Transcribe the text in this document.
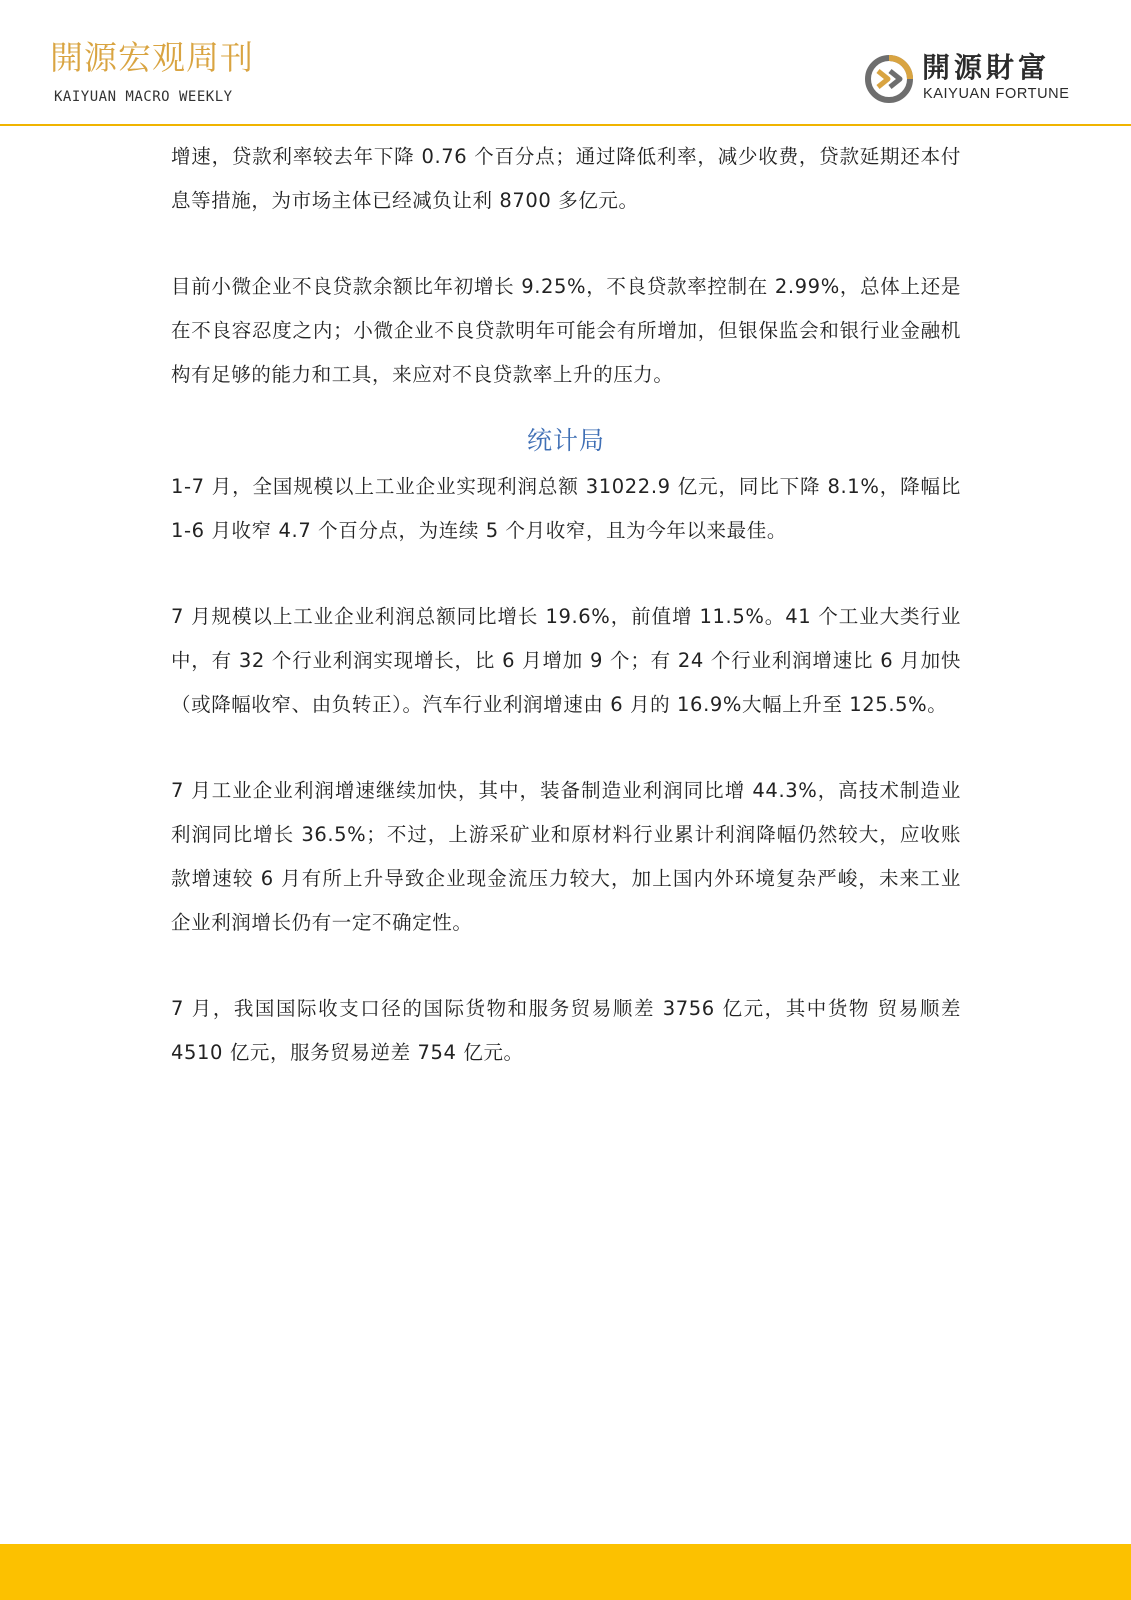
開源宏观周刊
KAIYUAN MACRO WEEKLY
開源財富
KAIYUAN FORTUNE

增速，贷款利率较去年下降 0.76 个百分点；通过降低利率，减少收费，贷款延期还本付息等措施，为市场主体已经减负让利 8700 多亿元。

目前小微企业不良贷款余额比年初增长 9.25%，不良贷款率控制在 2.99%，总体上还是在不良容忍度之内；小微企业不良贷款明年可能会有所增加，但银保监会和银行业金融机构有足够的能力和工具，来应对不良贷款率上升的压力。

统计局

1-7 月，全国规模以上工业企业实现利润总额 31022.9 亿元，同比下降 8.1%，降幅比 1-6 月收窄 4.7 个百分点，为连续 5 个月收窄，且为今年以来最佳。

7 月规模以上工业企业利润总额同比增长 19.6%，前值增 11.5%。41 个工业大类行业中，有 32 个行业利润实现增长，比 6 月增加 9 个；有 24 个行业利润增速比 6 月加快（或降幅收窄、由负转正）。汽车行业利润增速由 6 月的 16.9%大幅上升至 125.5%。

7 月工业企业利润增速继续加快，其中，装备制造业利润同比增 44.3%，高技术制造业利润同比增长 36.5%；不过，上游采矿业和原材料行业累计利润降幅仍然较大，应收账款增速较 6 月有所上升导致企业现金流压力较大，加上国内外环境复杂严峻，未来工业企业利润增长仍有一定不确定性。

7 月，我国国际收支口径的国际货物和服务贸易顺差 3756 亿元，其中货物 贸易顺差 4510 亿元，服务贸易逆差 754 亿元。
